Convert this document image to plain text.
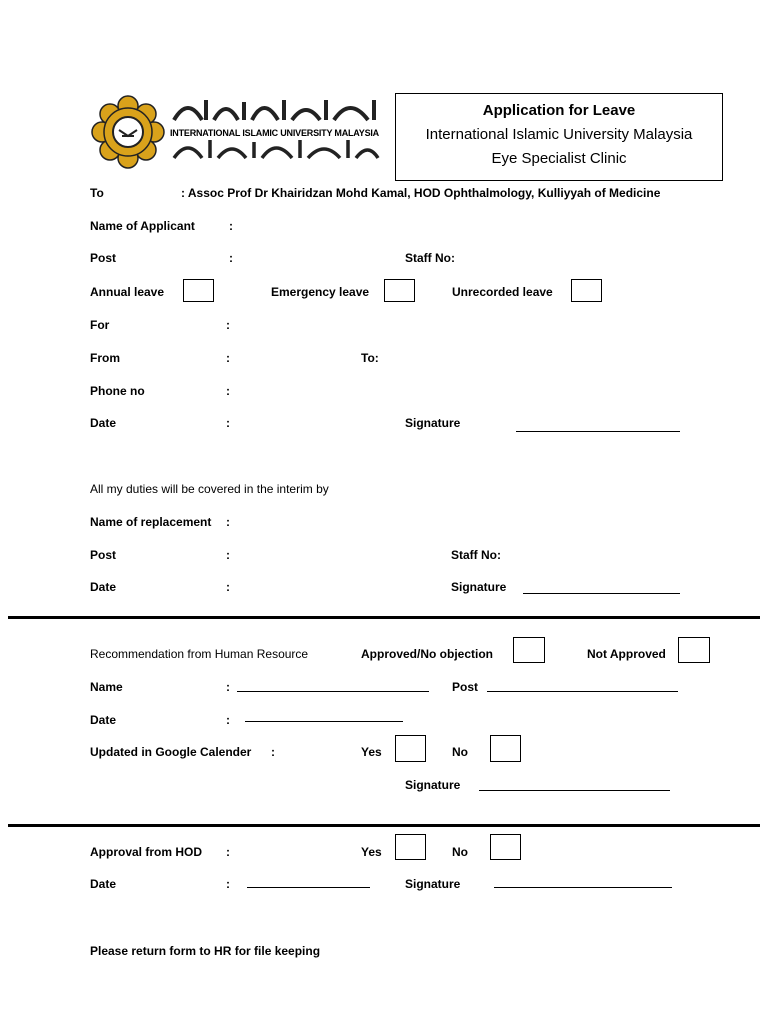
INTERNATIONAL ISLAMIC UNIVERSITY MALAYSIA
Application for Leave
International Islamic University Malaysia
Eye Specialist Clinic
To	: Assoc Prof Dr Khairidzan Mohd Kamal, HOD Ophthalmology, Kulliyyah of Medicine
Name of Applicant	:
Post	:	Staff No:
Annual leave	Emergency leave	Unrecorded leave
For	:
From	:	To:
Phone no	:
Date	:	Signature
All my duties will be covered in the interim by
Name of replacement :
Post	:	Staff No:
Date	:	Signature
Recommendation from Human Resource	Approved/No objection	Not Approved
Name	:	Post
Date	:
Updated in Google Calender :	Yes	No
Signature
Approval from HOD :	Yes	No
Date	:	Signature
Please return form to HR for file keeping
